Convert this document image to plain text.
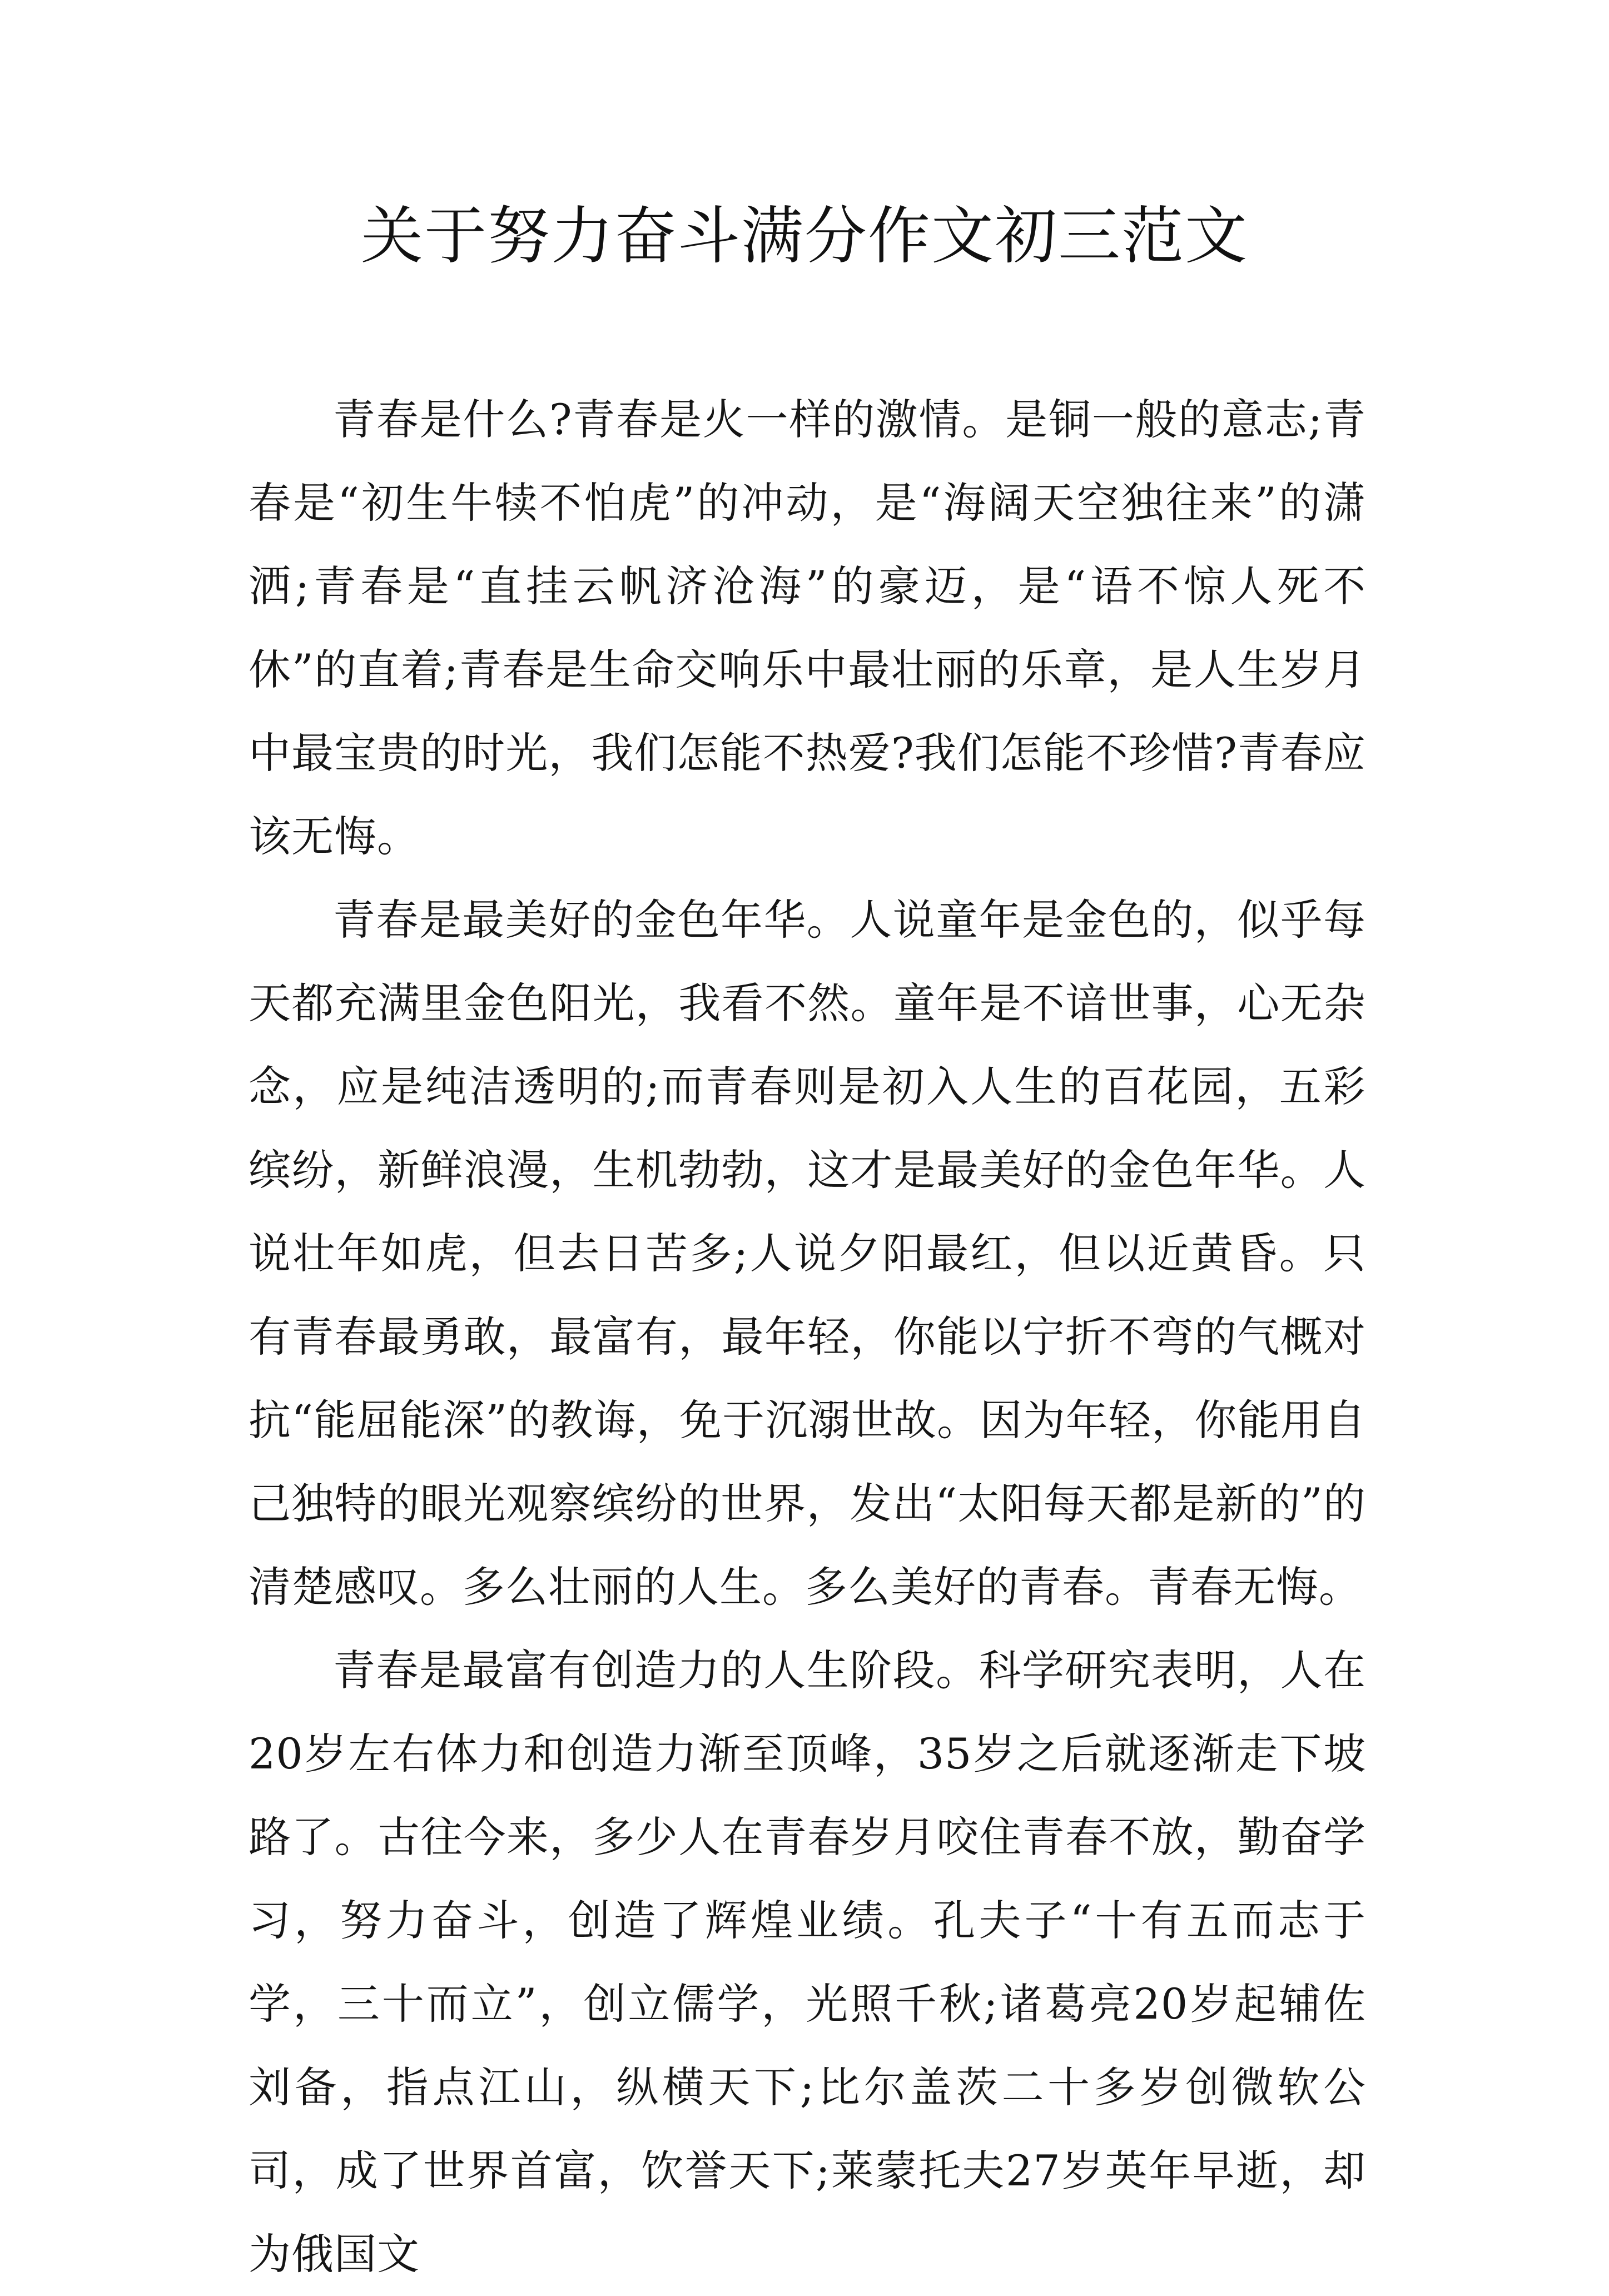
关于努力奋斗满分作文初三范文

青春是什么?青春是火一样的激情。是铜一般的意志;青春是“初生牛犊不怕虎”的冲动，是“海阔天空独往来”的潇洒;青春是“直挂云帆济沧海”的豪迈，是“语不惊人死不休”的直着;青春是生命交响乐中最壮丽的乐章，是人生岁月中最宝贵的时光，我们怎能不热爱?我们怎能不珍惜?青春应该无悔。

青春是最美好的金色年华。人说童年是金色的，似乎每天都充满里金色阳光，我看不然。童年是不谙世事，心无杂念，应是纯洁透明的;而青春则是初入人生的百花园，五彩缤纷，新鲜浪漫，生机勃勃，这才是最美好的金色年华。人说壮年如虎，但去日苦多;人说夕阳最红，但以近黄昏。只有青春最勇敢，最富有，最年轻，你能以宁折不弯的气概对抗“能屈能深”的教诲，免于沉溺世故。因为年轻，你能用自己独特的眼光观察缤纷的世界，发出“太阳每天都是新的”的清楚感叹。多么壮丽的人生。多么美好的青春。青春无悔。

青春是最富有创造力的人生阶段。科学研究表明，人在20岁左右体力和创造力渐至顶峰，35岁之后就逐渐走下坡路了。古往今来，多少人在青春岁月咬住青春不放，勤奋学习，努力奋斗，创造了辉煌业绩。孔夫子“十有五而志于学，三十而立”，创立儒学，光照千秋;诸葛亮20岁起辅佐刘备，指点江山，纵横天下;比尔盖茨二十多岁创微软公司，成了世界首富，饮誉天下;莱蒙托夫27岁英年早逝，却为俄国文
